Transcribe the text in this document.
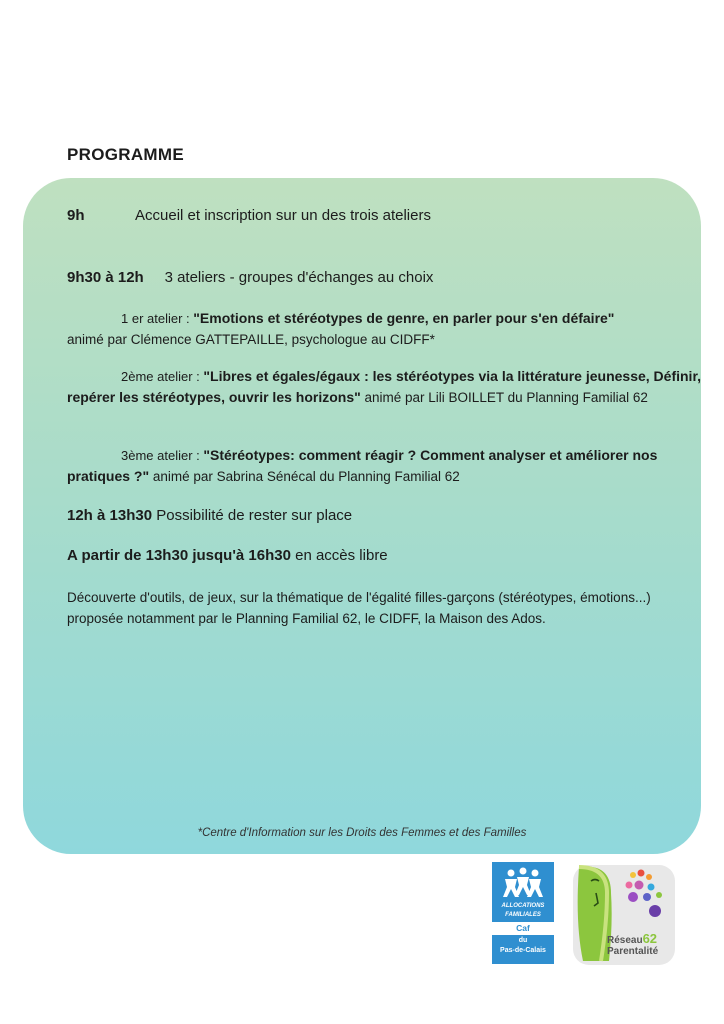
PROGRAMME
9h	Accueil et inscription sur un des trois ateliers
9h30 à 12h 3 ateliers - groupes d'échanges au choix
1 er atelier : "Emotions et stéréotypes de genre, en parler pour s'en défaire"
animé par Clémence GATTEPAILLE, psychologue au CIDFF*
2ème atelier : "Libres et égales/égaux : les stéréotypes via la littérature jeunesse, Définir, repérer les stéréotypes, ouvrir les horizons" animé par Lili BOILLET du Planning Familial 62
3ème atelier : "Stéréotypes: comment réagir ? Comment analyser et améliorer nos pratiques ?" animé par Sabrina Sénécal du Planning Familial 62
12h à 13h30 Possibilité de rester sur place
A partir de 13h30 jusqu'à 16h30 en accès libre
Découverte d'outils, de jeux, sur la thématique de l'égalité filles-garçons (stéréotypes, émotions...) proposée notamment par le Planning Familial 62, le CIDFF, la Maison des Ados.
*Centre d'Information sur les Droits des Femmes et des Familles
ALLOCATIONS
FAMILIALES
Caf
du
Pas-de-Calais
Réseau62
Parentalité
